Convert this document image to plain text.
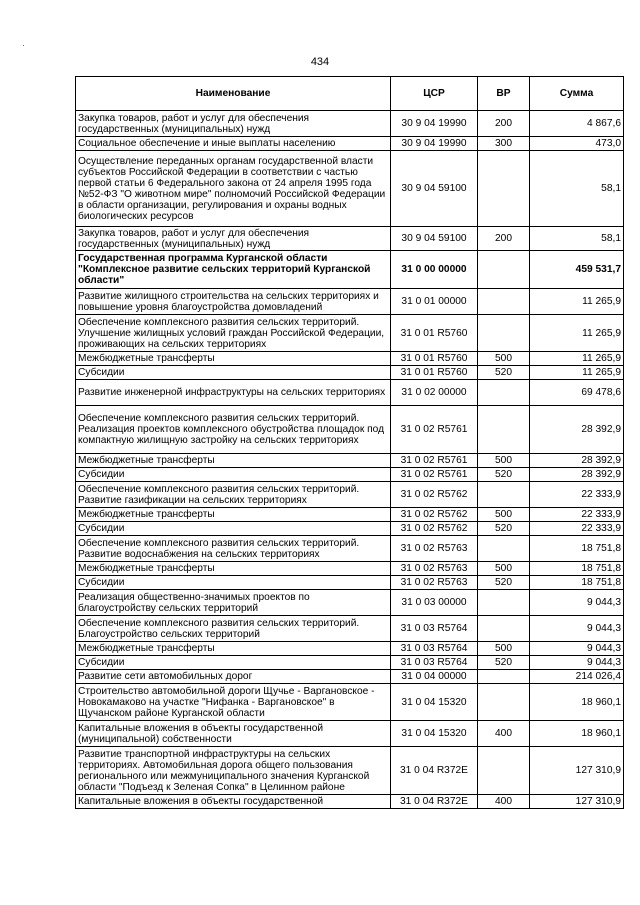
·
434
Наименование	ЦСР	ВР	Сумма
Закупка товаров, работ и услуг для обеспечения государственных (муниципальных) нужд	30 9 04 19990	200	4 867,6
Социальное обеспечение и иные выплаты населению	30 9 04 19990	300	473,0
Осуществление переданных органам государственной власти субъектов Российской Федерации в соответствии с частью первой статьи 6 Федерального закона от 24 апреля 1995 года №52-ФЗ "О животном мире" полномочий Российской Федерации в области организации, регулирования и охраны водных биологических ресурсов	30 9 04 59100		58,1
Закупка товаров, работ и услуг для обеспечения государственных (муниципальных) нужд	30 9 04 59100	200	58,1
Государственная программа Курганской области "Комплексное развитие сельских территорий Курганской области"	31 0 00 00000		459 531,7
Развитие жилищного строительства на сельских территориях и повышение уровня благоустройства домовладений	31 0 01 00000		11 265,9
Обеспечение комплексного развития сельских территорий. Улучшение жилищных условий граждан Российской Федерации, проживающих на сельских территориях	31 0 01 R5760		11 265,9
Межбюджетные трансферты	31 0 01 R5760	500	11 265,9
Субсидии	31 0 01 R5760	520	11 265,9
Развитие инженерной инфраструктуры на сельских территориях	31 0 02 00000		69 478,6
Обеспечение комплексного развития сельских территорий. Реализация проектов комплексного обустройства площадок под компактную жилищную застройку на сельских территориях	31 0 02 R5761		28 392,9
Межбюджетные трансферты	31 0 02 R5761	500	28 392,9
Субсидии	31 0 02 R5761	520	28 392,9
Обеспечение комплексного развития сельских территорий. Развитие газификации на сельских территориях	31 0 02 R5762		22 333,9
Межбюджетные трансферты	31 0 02 R5762	500	22 333,9
Субсидии	31 0 02 R5762	520	22 333,9
Обеспечение комплексного развития сельских территорий. Развитие водоснабжения на сельских территориях	31 0 02 R5763		18 751,8
Межбюджетные трансферты	31 0 02 R5763	500	18 751,8
Субсидии	31 0 02 R5763	520	18 751,8
Реализация общественно-значимых проектов по благоустройству сельских территорий	31 0 03 00000		9 044,3
Обеспечение комплексного развития сельских территорий. Благоустройство сельских территорий	31 0 03 R5764		9 044,3
Межбюджетные трансферты	31 0 03 R5764	500	9 044,3
Субсидии	31 0 03 R5764	520	9 044,3
Развитие сети автомобильных дорог	31 0 04 00000		214 026,4
Строительство автомобильной дороги Щучье - Варгановское - Новокамаково на участке "Нифанка - Варгановское" в Щучанском районе Курганской области	31 0 04 15320		18 960,1
Капитальные вложения в объекты государственной (муниципальной) собственности	31 0 04 15320	400	18 960,1
Развитие транспортной инфраструктуры на сельских территориях. Автомобильная дорога общего пользования регионального или межмуниципального значения Курганской области "Подъезд к Зеленая Сопка" в Целинном районе	31 0 04 R372E		127 310,9
Капитальные вложения в объекты государственной	31 0 04 R372E	400	127 310,9
